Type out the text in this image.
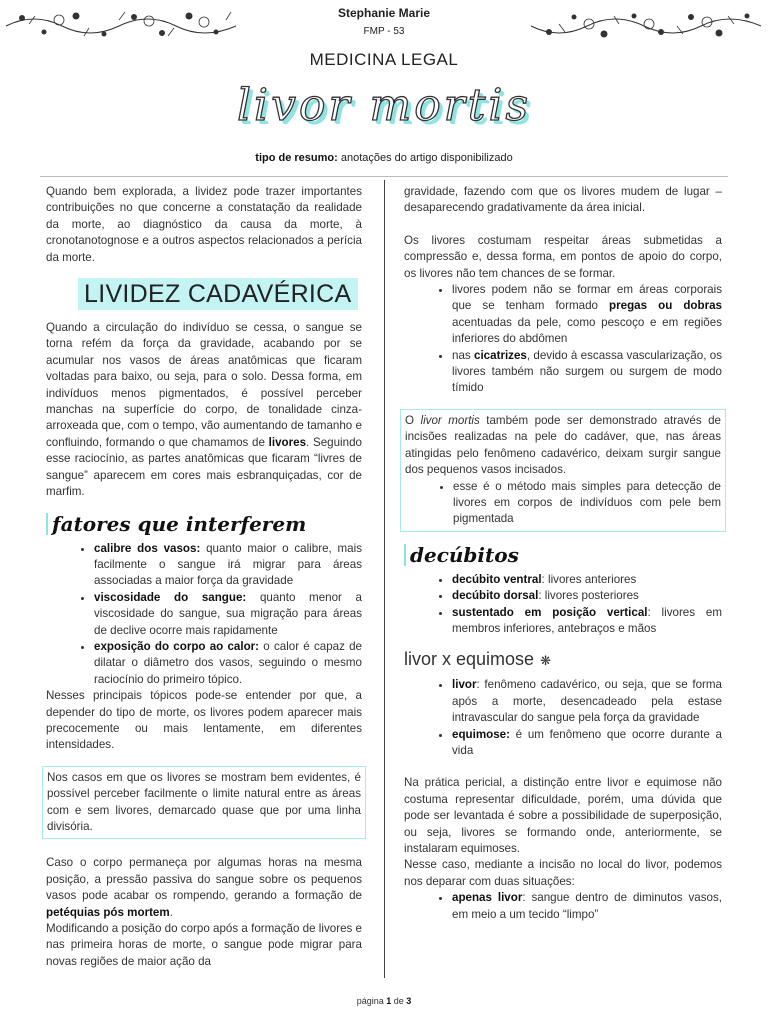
Stephanie Marie
FMP - 53
MEDICINA LEGAL
livor mortis
tipo de resumo: anotações do artigo disponibilizado

Quando bem explorada, a lividez pode trazer importantes contribuições no que concerne a constatação da realidade da morte, ao diagnóstico da causa da morte, à cronotanotognose e a outros aspectos relacionados a perícia da morte.

LIVIDEZ CADAVÉRICA

Quando a circulação do indivíduo se cessa, o sangue se torna refém da força da gravidade, acabando por se acumular nos vasos de áreas anatômicas que ficaram voltadas para baixo, ou seja, para o solo. Dessa forma, em indivíduos menos pigmentados, é possível perceber manchas na superfície do corpo, de tonalidade cinza-arroxeada que, com o tempo, vão aumentando de tamanho e confluindo, formando o que chamamos de livores. Seguindo esse raciocínio, as partes anatômicas que ficaram “livres de sangue” aparecem em cores mais esbranquiçadas, cor de marfim.

fatores que interferem
• calibre dos vasos: quanto maior o calibre, mais facilmente o sangue irá migrar para áreas associadas a maior força da gravidade
• viscosidade do sangue: quanto menor a viscosidade do sangue, sua migração para áreas de declive ocorre mais rapidamente
• exposição do corpo ao calor: o calor é capaz de dilatar o diâmetro dos vasos, seguindo o mesmo raciocínio do primeiro tópico.

Nesses principais tópicos pode-se entender por que, a depender do tipo de morte, os livores podem aparecer mais precocemente ou mais lentamente, em diferentes intensidades.

Nos casos em que os livores se mostram bem evidentes, é possível perceber facilmente o limite natural entre as áreas com e sem livores, demarcado quase que por uma linha divisória.

Caso o corpo permaneça por algumas horas na mesma posição, a pressão passiva do sangue sobre os pequenos vasos pode acabar os rompendo, gerando a formação de petéquias pós mortem.

Modificando a posição do corpo após a formação de livores e nas primeira horas de morte, o sangue pode migrar para novas regiões de maior ação da

gravidade, fazendo com que os livores mudem de lugar – desaparecendo gradativamente da área inicial.

Os livores costumam respeitar áreas submetidas a compressão e, dessa forma, em pontos de apoio do corpo, os livores não tem chances de se formar.

• livores podem não se formar em áreas corporais que se tenham formado pregas ou dobras acentuadas da pele, como pescoço e em regiões inferiores do abdômen
• nas cicatrizes, devido à escassa vascularização, os livores também não surgem ou surgem de modo tímido

O livor mortis também pode ser demonstrado através de incisões realizadas na pele do cadáver, que, nas áreas atingidas pelo fenômeno cadavérico, deixam surgir sangue dos pequenos vasos incisados.

• esse é o método mais simples para detecção de livores em corpos de indivíduos com pele bem pigmentada
decúbitos
• decúbito ventral: livores anteriores
• decúbito dorsal: livores posteriores
• sustentado em posição vertical: livores em membros inferiores, antebraços e mãos
livor x equimose ❋
• livor: fenômeno cadavérico, ou seja, que se forma após a morte, desencadeado pela estase intravascular do sangue pela força da gravidade
• equimose: é um fenômeno que ocorre durante a vida

Na prática pericial, a distinção entre livor e equimose não costuma representar dificuldade, porém, uma dúvida que pode ser levantada é sobre a possibilidade de superposição, ou seja, livores se formando onde, anteriormente, se instalaram equimoses.

Nesse caso, mediante a incisão no local do livor, podemos nos deparar com duas situações:

• apenas livor: sangue dentro de diminutos vasos, em meio a um tecido “limpo”
página 1 de 3
